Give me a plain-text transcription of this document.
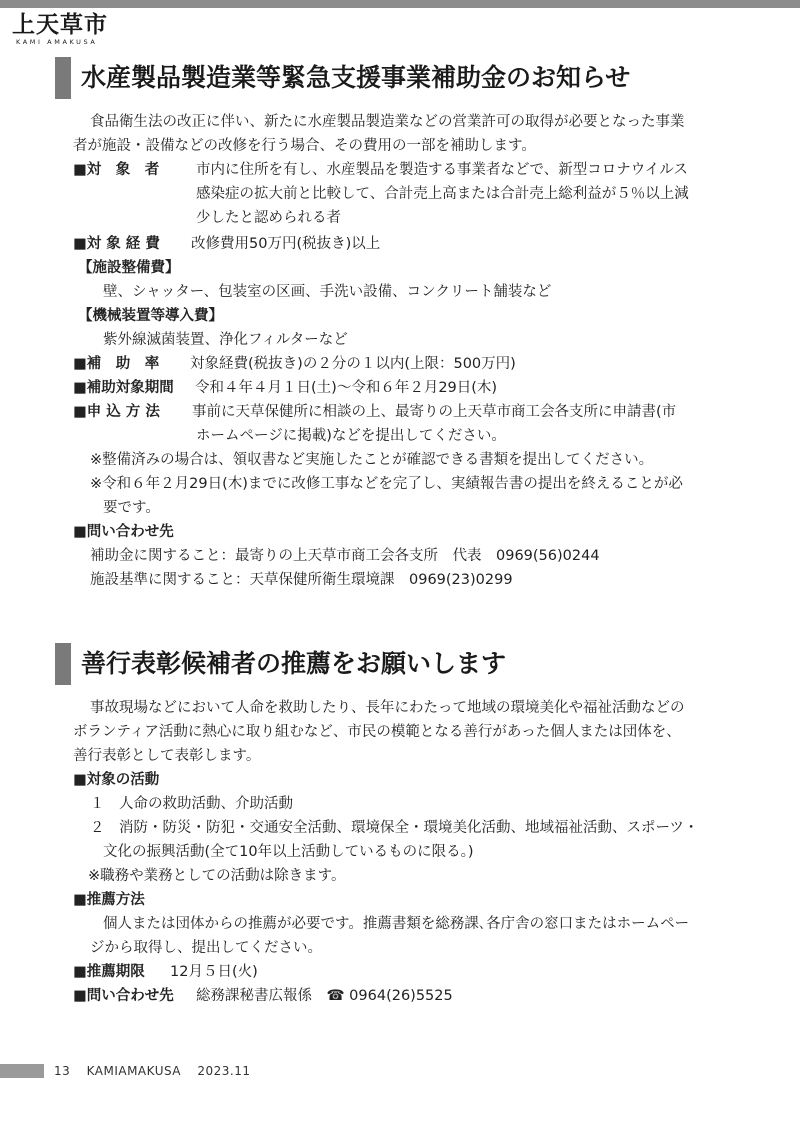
上天草市
KAMI AMAKUSA
水産製品製造業等緊急支援事業補助金のお知らせ
食品衛生法の改正に伴い、新たに水産製品製造業などの営業許可の取得が必要となった事業
者が施設・設備などの改修を行う場合、その費用の一部を補助します。
■対　象　者	市内に住所を有し、水産製品を製造する事業者などで、新型コロナウイルス
感染症の拡大前と比較して、合計売上高または合計売上総利益が５％以上減
少したと認められる者
■対 象 経 費 改修費用50万円(税抜き)以上
【施設整備費】
壁、シャッター、包装室の区画、手洗い設備、コンクリート舗装など
【機械装置等導入費】
紫外線滅菌装置、浄化フィルターなど
■補　助　率 対象経費(税抜き)の２分の１以内(上限：500万円)
■補助対象期間 令和４年４月１日(土)～令和６年２月29日(木)
■申 込 方 法 事前に天草保健所に相談の上、最寄りの上天草市商工会各支所に申請書(市
ホームページに掲載)などを提出してください。
※整備済みの場合は、領収書など実施したことが確認できる書類を提出してください。
※令和６年２月29日(木)までに改修工事などを完了し、実績報告書の提出を終えることが必
要です。
■問い合わせ先
補助金に関すること：最寄りの上天草市商工会各支所　代表　0969(56)0244
施設基準に関すること：天草保健所衛生環境課　0969(23)0299
善行表彰候補者の推薦をお願いします
事故現場などにおいて人命を救助したり、長年にわたって地域の環境美化や福祉活動などの
ボランティア活動に熱心に取り組むなど、市民の模範となる善行があった個人または団体を、
善行表彰として表彰します。
■対象の活動
１　人命の救助活動、介助活動
２　消防・防災・防犯・交通安全活動、環境保全・環境美化活動、地域福祉活動、スポーツ・
文化の振興活動(全て10年以上活動しているものに限る。)
※職務や業務としての活動は除きます。
■推薦方法
個人または団体からの推薦が必要です。推薦書類を総務課､各庁舎の窓口またはホームペー
ジから取得し、提出してください。
■推薦期限 12月５日(火)
■問い合わせ先 総務課秘書広報係　☎ 0964(26)5525
13 KAMIAMAKUSA 2023.11
